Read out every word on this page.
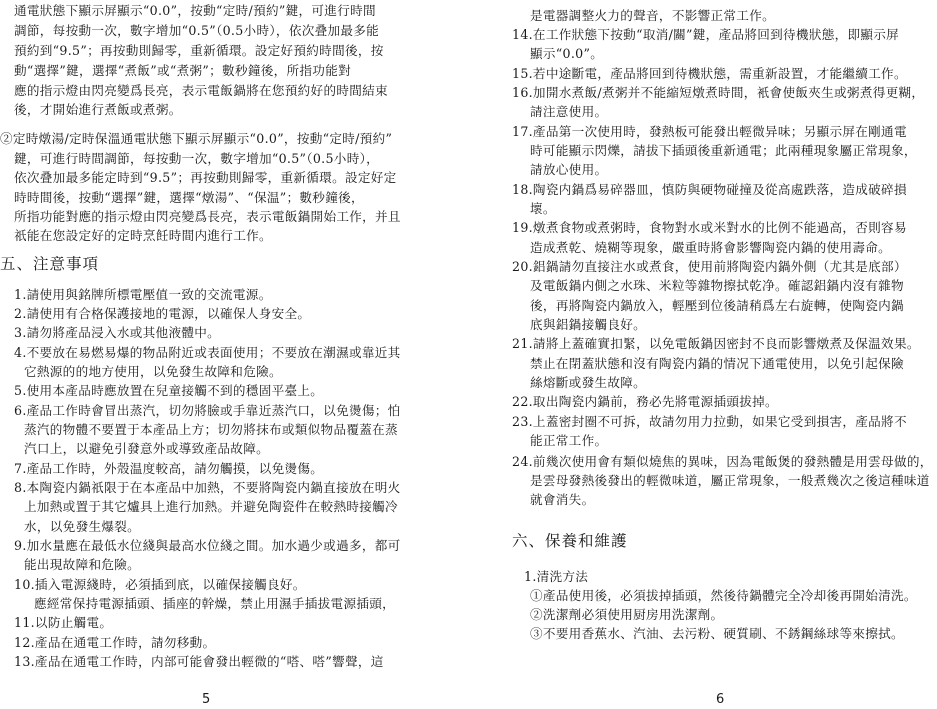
通電狀態下顯示屏顯示“0.0”，按動“定時/預約”鍵，可進行時間
調節，每按動一次，數字增加“0.5”（0.5小時），依次叠加最多能
預約到“9.5”；再按動則歸零，重新循環。設定好預約時間後，按
動“選擇”鍵，選擇“煮飯”或“煮粥”；數秒鐘後，所指功能對
應的指示燈由閃亮變爲長亮，表示電飯鍋將在您預約好的時間結束
後，才開始進行煮飯或煮粥。
②定時燉湯/定時保溫通電狀態下顯示屏顯示“0.0”，按動“定時/預約”
鍵，可進行時間調節，每按動一次，數字增加“0.5”（0.5小時），
依次叠加最多能定時到“9.5”；再按動則歸零，重新循環。設定好定
時時間後，按動“選擇”鍵，選擇“燉湯”、“保温”；數秒鐘後，
所指功能對應的指示燈由閃亮變爲長亮，表示電飯鍋開始工作，并且
祇能在您設定好的定時烹飪時間内進行工作。
五、注意事項
1.請使用與銘牌所標電壓值一致的交流電源。
2.請使用有合格保護接地的電源，以確保人身安全。
3.請勿將產品浸入水或其他液體中。
4.不要放在易燃易爆的物品附近或表面使用；不要放在潮濕或靠近其
它熱源的的地方使用，以免發生故障和危險。
5.使用本產品時應放置在兒童接觸不到的穩固平臺上。
6.產品工作時會冒出蒸汽，切勿將臉或手靠近蒸汽口，以免燙傷；怕
蒸汽的物體不要置于本產品上方；切勿將抹布或類似物品覆蓋在蒸
汽口上，以避免引發意外或導致產品故障。
7.產品工作時，外殼温度較高，請勿觸摸，以免燙傷。
8.本陶瓷内鍋祇限于在本產品中加熱，不要將陶瓷内鍋直接放在明火
上加熱或置于其它爐具上進行加熱。并避免陶瓷件在較熱時接觸冷
水，以免發生爆裂。
9.加水量應在最低水位綫與最高水位綫之間。加水過少或過多，都可
能出現故障和危險。
10.插入電源綫時，必須插到底，以確保接觸良好。
應經常保持電源插頭、插座的幹燥，禁止用濕手插拔電源插頭，
11.以防止觸電。
12.產品在通電工作時，請勿移動。
13.產品在通電工作時，内部可能會發出輕微的“嗒、嗒”響聲，這
5
是電器調整火力的聲音，不影響正常工作。
14.在工作狀態下按動“取消/關”鍵，產品將回到待機狀態，即顯示屏
顯示“0.0”。
15.若中途斷電，產品將回到待機狀態，需重新設置，才能繼續工作。
16.加開水煮飯/煮粥并不能縮短燉煮時間，衹會使飯夾生或粥煮得更糊，
請注意使用。
17.產品第一次使用時，發熱板可能發出輕微异味；另顯示屏在剛通電
時可能顯示閃爍，請拔下插頭後重新通電；此兩種現象屬正常現象，
請放心使用。
18.陶瓷内鍋爲易碎器皿，慎防與硬物碰撞及從高處跌落，造成破碎損
壞。
19.燉煮食物或煮粥時，食物對水或米對水的比例不能過高，否則容易
造成煮乾、燒糊等現象，嚴重時將會影響陶瓷内鍋的使用壽命。
20.鋁鍋請勿直接注水或煮食，使用前將陶瓷内鍋外側（尤其是底部）
及電飯鍋内側之水珠、米粒等雜物擦拭乾净。確認鋁鍋内沒有雜物
後，再將陶瓷内鍋放入，輕壓到位後請稍爲左右旋轉，使陶瓷内鍋
底與鋁鍋接觸良好。
21.請將上蓋確實扣緊，以免電飯鍋因密封不良而影響燉煮及保温效果。
禁止在閉蓋狀態和沒有陶瓷内鍋的情况下通電使用，以免引起保險
絲熔斷或發生故障。
22.取出陶瓷内鍋前，務必先將電源插頭拔掉。
23.上蓋密封圈不可拆，故請勿用力拉動，如果它受到損害，產品將不
能正常工作。
24.前幾次使用會有類似燒焦的異味，因為電飯煲的發熱體是用雲母做的，
是雲母發熱後發出的輕微味道，屬正常現象，一般煮幾次之後這種味道
就會消失。
六、保養和維護
1.清洗方法
①產品使用後，必須拔掉插頭，然後待鍋體完全冷却後再開始清洗。
②洗潔劑必須使用厨房用洗潔劑。
③不要用香蕉水、汽油、去污粉、硬質刷、不銹鋼絲球等來擦拭。
6
